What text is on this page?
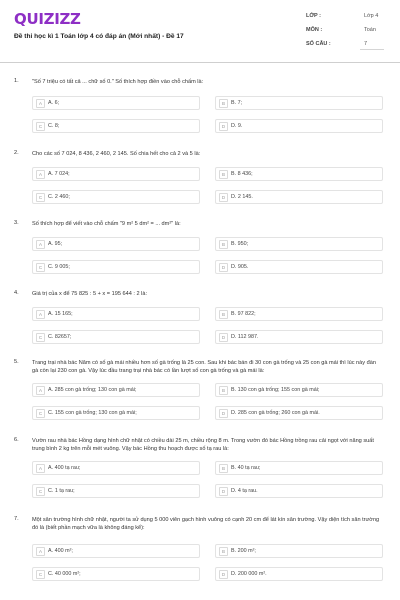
QUIZIZZ
Đề thi học kì 1 Toán lớp 4 có đáp án (Mới nhất) - Đề 17
LỚP :	Lớp 4
MÔN :	Toán
SỐ CÂU :	7
1. "Số 7 triệu có tất cả ... chữ số 0." Số thích hợp điền vào chỗ chấm là:
A	A. 6;	B	B. 7;
C	C. 8;	D	D. 9.
2. Cho các số 7 024, 8 436, 2 460, 2 145. Số chia hết cho cả 2 và 5 là:
A	A. 7 024;	B	B. 8 436;
C	C. 2 460;	D	D. 2 145.
3. Số thích hợp để viết vào chỗ chấm "9 m² 5 dm² = ... dm²" là:
A	A. 95;	B	B. 950;
C	C. 9 005;	D	D. 905.
4. Giá trị của x để 75 825 : 5 + x = 195 644 : 2 là:
A	A. 15 165;	B	B. 97 822;
C	C. 82657;	D	D. 112 987.
5. Trang trại nhà bác Năm có số gà mái nhiều hơn số gà trống là 25 con. Sau khi bác bán đi 30 con gà trống và 25 con gà mái thì lúc này đàn gà còn lại 230 con gà. Vậy lúc đầu trang trại nhà bác có lần lượt số con gà trống và gà mái là:
A	A. 285 con gà trống; 130 con gà mái;	B	B. 130 con gà trống; 155 con gà mái;
C	C. 155 con gà trống; 130 con gà mái;	D	D. 285 con gà trống; 260 con gà mái.
6. Vườn rau nhà bác Hồng dạng hình chữ nhật có chiều dài 25 m, chiều rộng 8 m. Trong vườn đó bác Hồng trồng rau cải ngọt với năng suất trung bình 2 kg trên mỗi mét vuông. Vậy bác Hồng thu hoạch được số tạ rau là:
A	A. 400 tạ rau;	B	B. 40 tạ rau;
C	C. 1 tạ rau;	D	D. 4 tạ rau.
7. Một sân trường hình chữ nhật, người ta sử dụng 5 000 viên gạch hình vuông có cạnh 20 cm để lát kín sân trường. Vậy diện tích sân trường đó là (biết phần mạch vữa là không đáng kể):
A	A. 400 m²;	B	B. 200 m²;
C	C. 40 000 m²;	D	D. 200 000 m².
